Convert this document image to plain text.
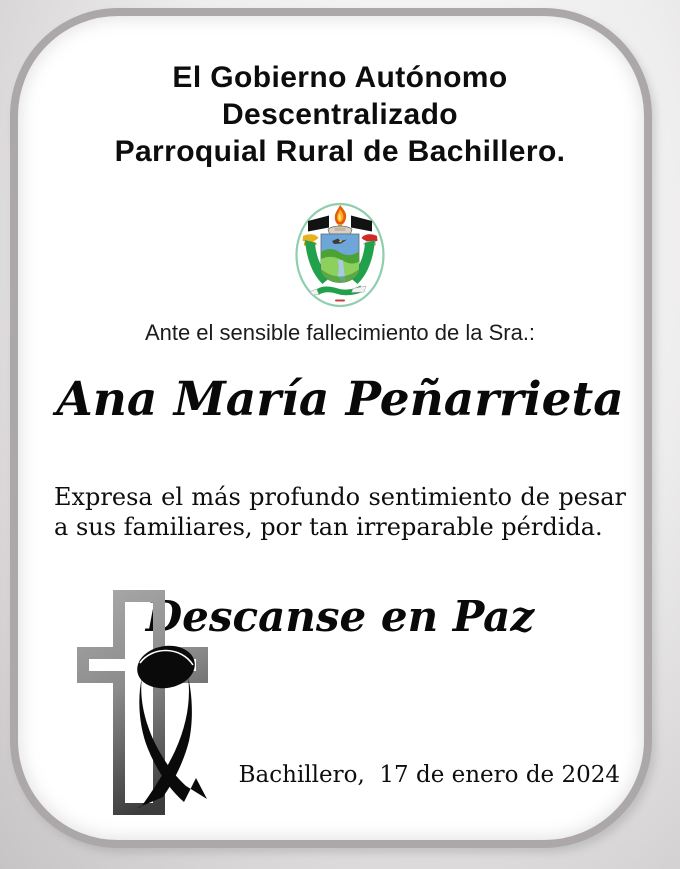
El Gobierno Autónomo
Descentralizado
Parroquial Rural de Bachillero.
Ante el sensible fallecimiento de la Sra.:
Ana María Peñarrieta
Expresa el más profundo sentimiento de pesar a sus familiares, por tan irreparable pérdida.
Descanse en Paz
Bachillero,  17 de enero de 2024
